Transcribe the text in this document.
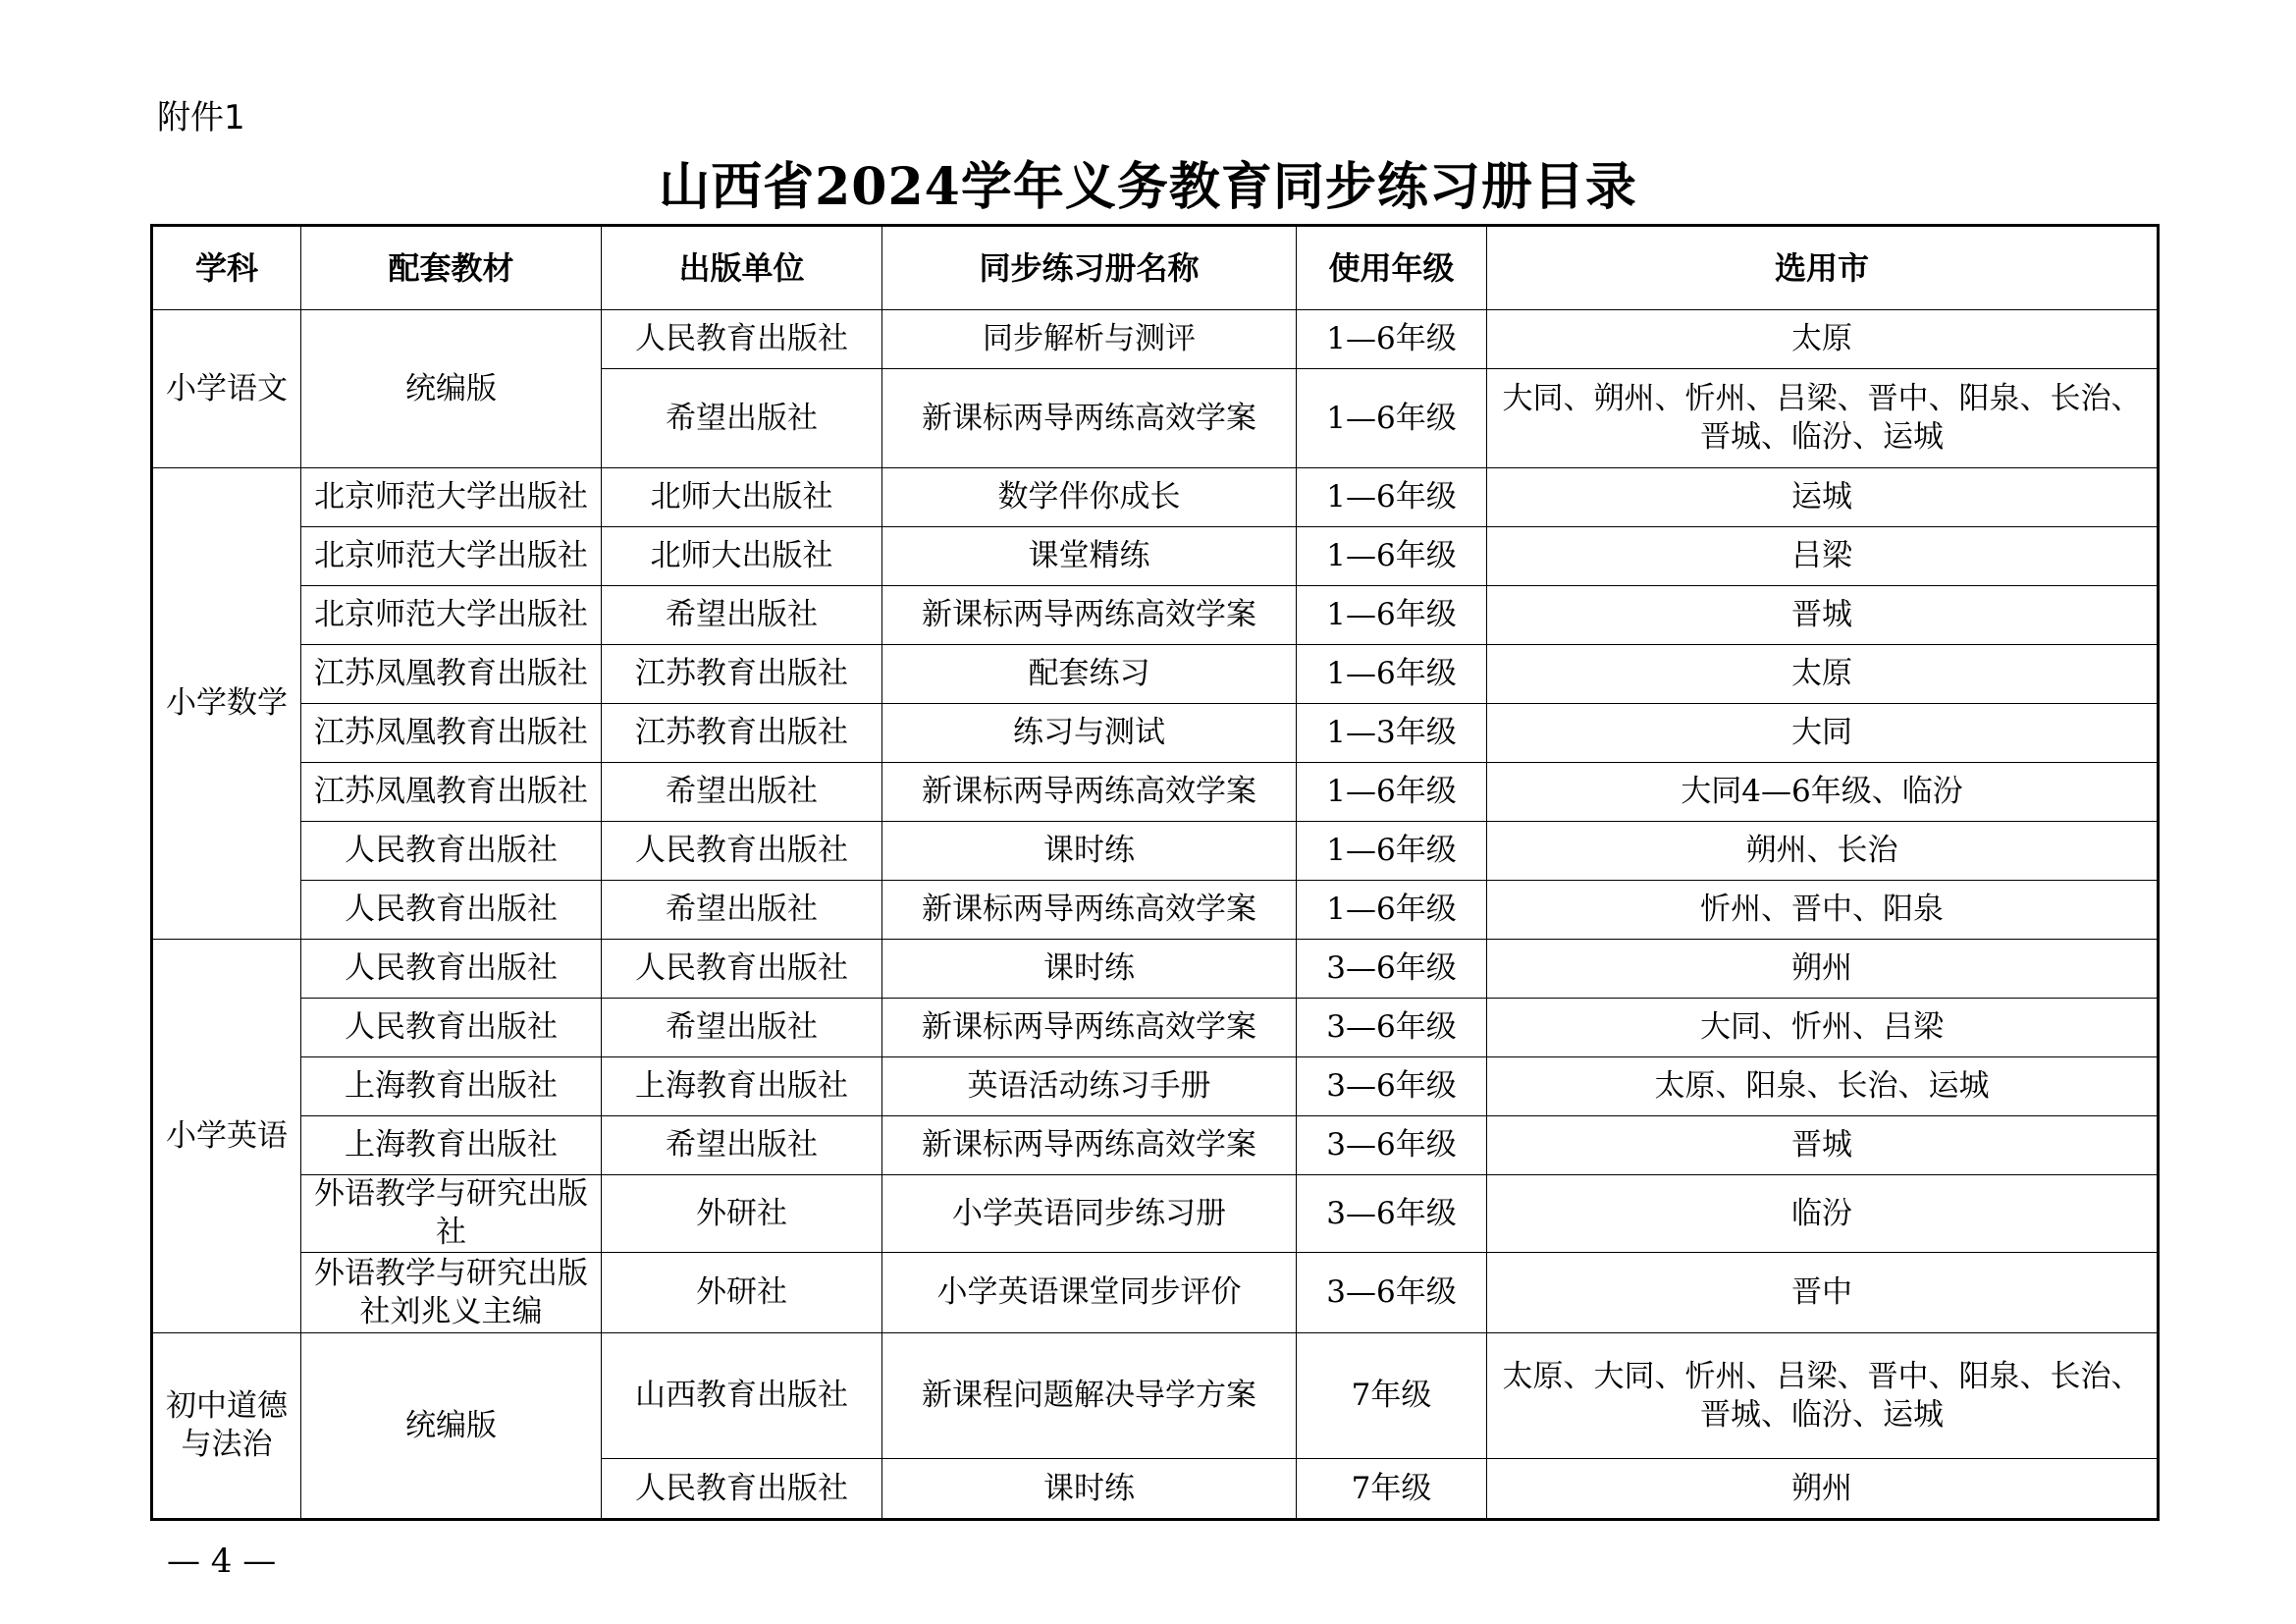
附件1
山西省2024学年义务教育同步练习册目录
学科	配套教材	出版单位	同步练习册名称	使用年级	选用市
小学语文	统编版	人民教育出版社	同步解析与测评	1—6年级	太原
		希望出版社	新课标两导两练高效学案	1—6年级	大同、朔州、忻州、吕梁、晋中、阳泉、长治、晋城、临汾、运城
小学数学	北京师范大学出版社	北师大出版社	数学伴你成长	1—6年级	运城
	北京师范大学出版社	北师大出版社	课堂精练	1—6年级	吕梁
	北京师范大学出版社	希望出版社	新课标两导两练高效学案	1—6年级	晋城
	江苏凤凰教育出版社	江苏教育出版社	配套练习	1—6年级	太原
	江苏凤凰教育出版社	江苏教育出版社	练习与测试	1—3年级	大同
	江苏凤凰教育出版社	希望出版社	新课标两导两练高效学案	1—6年级	大同4—6年级、临汾
	人民教育出版社	人民教育出版社	课时练	1—6年级	朔州、长治
	人民教育出版社	希望出版社	新课标两导两练高效学案	1—6年级	忻州、晋中、阳泉
小学英语	人民教育出版社	人民教育出版社	课时练	3—6年级	朔州
	人民教育出版社	希望出版社	新课标两导两练高效学案	3—6年级	大同、忻州、吕梁
	上海教育出版社	上海教育出版社	英语活动练习手册	3—6年级	太原、阳泉、长治、运城
	上海教育出版社	希望出版社	新课标两导两练高效学案	3—6年级	晋城
	外语教学与研究出版社	外研社	小学英语同步练习册	3—6年级	临汾
	外语教学与研究出版社刘兆义主编	外研社	小学英语课堂同步评价	3—6年级	晋中
初中道德与法治	统编版	山西教育出版社	新课程问题解决导学方案	7年级	太原、大同、忻州、吕梁、晋中、阳泉、长治、晋城、临汾、运城
		人民教育出版社	课时练	7年级	朔州
— 4 —
